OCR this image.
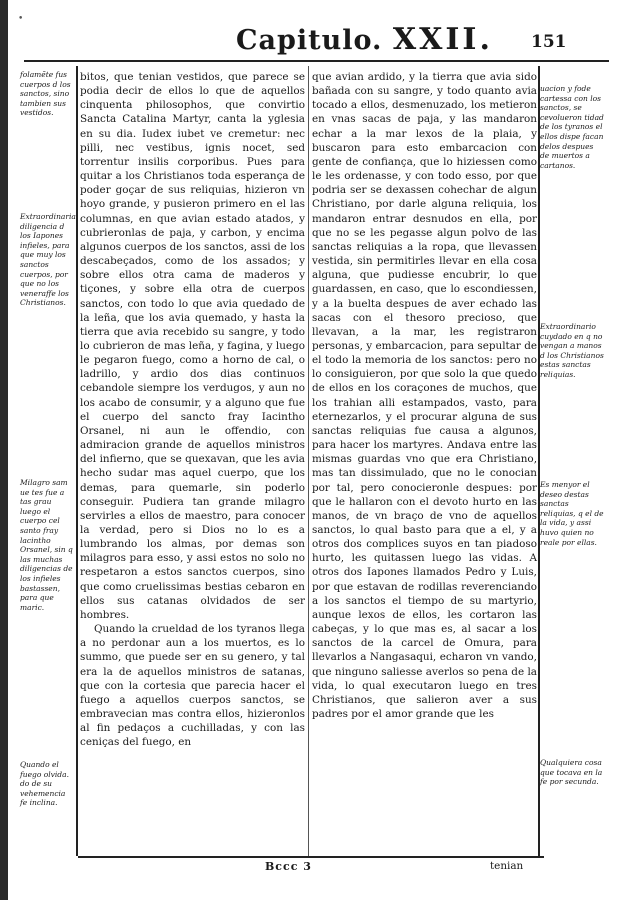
•
Capitulo. XXII. 151
folamẽte fus cuerpos d los sanctos, sino tambien sus vestidos.
Extraordinaria diligencia d los Iapones infieles, para que muy los sanctos cuerpos, por que no los veneraffe los Christianos.
Milagro sam ue tes fue a tas grau luego el cuerpo cel santo fray lacintho Orsanel, sin q las muchas diligencias de los infieles bastassen, para que maric.
Quando el fuego olvida. do de su vehemencia fe inclina.
uacion y fode cartessa con los sanctos, se cevolueron tidad de los tyranos el ellos dispe facan delos despues de muertos a cartanos.
Extraordinario cuydado en q no vengan a manos d los Christianos estas sanctas reliquias.
Es menyor el deseo destas sanctas reliquias, q el de la vida, y assi huvo quien no reale por ellas.
Qualquiera cosa que tocava en la fe por secunda.

bitos, que tenian vestidos, que parece se podia decir de ellos lo que de aquellos cinquenta philosophos, que convirtio Sancta Catalina Martyr, canta la yglesia en su dia. Iudex iubet ve cremetur: nec pilli, nec vestibus, ignis nocet, sed torrentur insilis corporibus. Pues para quitar a los Christianos toda esperança de poder goçar de sus reliquias, hizieron vn hoyo grande, y pusieron primero en el las columnas, en que avian estado atados, y cubrieronlas de paja, y carbon, y encima algunos cuerpos de los sanctos, assi de los descabeçados, como de los assados; y sobre ellos otra cama de maderos y tiçones, y sobre ella otra de cuerpos sanctos, con todo lo que avia quedado de la leña, que los avia quemado, y hasta la tierra que avia recebido su sangre, y todo lo cubrieron de mas leña, y fagina, y luego le pegaron fuego, como a horno de cal, o ladrillo, y ardio dos dias continuos cebandole siempre los verdugos, y aun no los acabo de consumir, y a alguno que fue el cuerpo del sancto fray Iacintho Orsanel, ni aun le offendio, con admiracion grande de aquellos ministros del infierno, que se quexavan, que les avia hecho sudar mas aquel cuerpo, que los demas, para quemarle, sin poderlo conseguir. Pudiera tan grande milagro servirles a ellos de maestro, para conocer la verdad, pero si Dios no lo es a lumbrando los almas, por demas son milagros para esso, y assi estos no solo no respetaron a estos sanctos cuerpos, sino que como cruelissimas bestias cebaron en ellos sus catanas olvidados de ser hombres.

Quando la crueldad de los tyranos llega a no perdonar aun a los muertos, es lo summo, que puede ser en su genero, y tal era la de aquellos ministros de satanas, que con la cortesia que parecia hacer el fuego a aquellos cuerpos sanctos, se embravecian mas contra ellos, hizieronlos al fin pedaços a cuchilladas, y con las ceniças del fuego, en

que avian ardido, y la tierra que avia sido bañada con su sangre, y todo quanto avia tocado a ellos, desmenuzado, los metieron en vnas sacas de paja, y las mandaron echar a la mar lexos de la plaia, y buscaron para esto embarcacion con gente de confiança, que lo hiziessen como le les ordenasse, y con todo esso, por que podria ser se dexassen cohechar de algun Christiano, por darle alguna reliquia, los mandaron entrar desnudos en ella, por que no se les pegasse algun polvo de las sanctas reliquias a la ropa, que llevassen vestida, sin permitirles llevar en ella cosa alguna, que pudiesse encubrir, lo que guardassen, en caso, que lo escondiessen, y a la buelta despues de aver echado las sacas con el thesoro precioso, que llevavan, a la mar, les registraron personas, y embarcacion, para sepultar de el todo la memoria de los sanctos: pero no lo consiguieron, por que solo la que quedo de ellos en los coraçones de muchos, que los trahian alli estampados, vasto, para eternezarlos, y el procurar alguna de sus sanctas reliquias fue causa a algunos, para hacer los martyres. Andava entre las mismas guardas vno que era Christiano, mas tan dissimulado, que no le conocian por tal, pero conocieronle despues: por que le hallaron con el devoto hurto en las manos, de vn braço de vno de aquellos sanctos, lo qual basto para que a el, y a otros dos complices suyos en tan piadoso hurto, les quitassen luego las vidas. A otros dos Iapones llamados Pedro y Luis, por que estavan de rodillas reverenciando a los sanctos el tiempo de su martyrio, aunque lexos de ellos, les cortaron las cabeças, y lo que mas es, al sacar a los sanctos de la carcel de Omura, para llevarlos a Nangasaqui, echaron vn vando, que ninguno saliesse averlos so pena de la vida, lo qual executaron luego en tres Christianos, que salieron aver a sus padres por el amor grande que les

Bccc 3	tenian
